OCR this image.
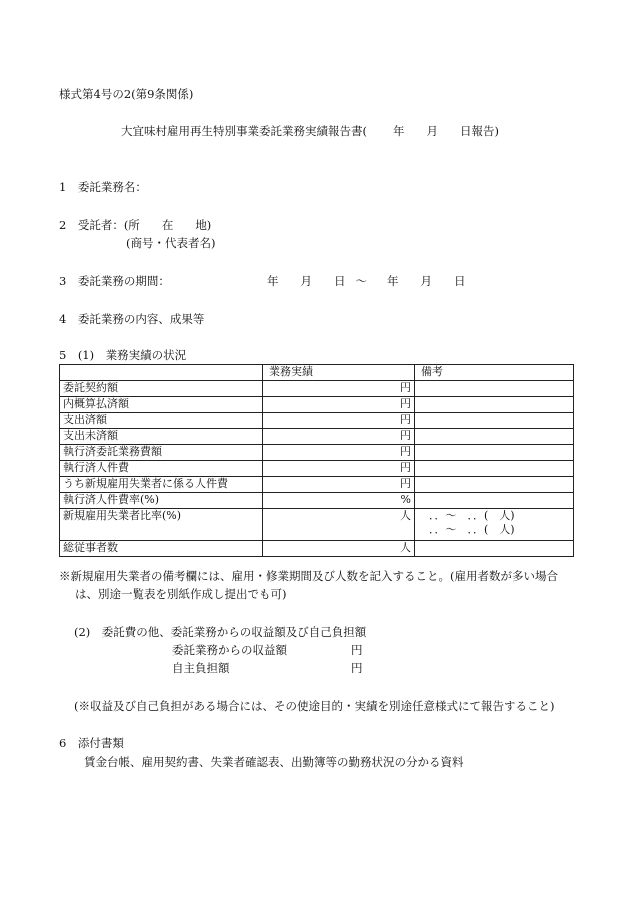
様式第4号の2(第9条関係)
大宜味村雇用再生特別事業委託業務実績報告書( 年 月 日報告)
1　委託業務名：
2　受託者：(所 在 地)
(商号・代表者名)
3　委託業務の期間：	年 月 日 ～ 年 月 日
4　委託業務の内容、成果等
5　(1)　業務実績の状況
	業務実績	備考
委託契約額	円	
内概算払済額	円	
支出済額	円	
支出未済額	円	
執行済委託業務費額	円	
執行済人件費	円	
うち新規雇用失業者に係る人件費	円	
執行済人件費率(%)	%	
新規雇用失業者比率(%)	人	．．～　．．(　人)
．．～　．．(　人)

総従事者数	人	
※新規雇用失業者の備考欄には、雇用・修業期間及び人数を記入すること。(雇用者数が多い場合
は、別途一覧表を別紙作成し提出でも可)
(2)　委託費の他、委託業務からの収益額及び自己負担額
委託業務からの収益額	円
自主負担額	円
(※収益及び自己負担がある場合には、その使途目的・実績を別途任意様式にて報告すること)
6　添付書類
賃金台帳、雇用契約書、失業者確認表、出勤簿等の勤務状況の分かる資料
